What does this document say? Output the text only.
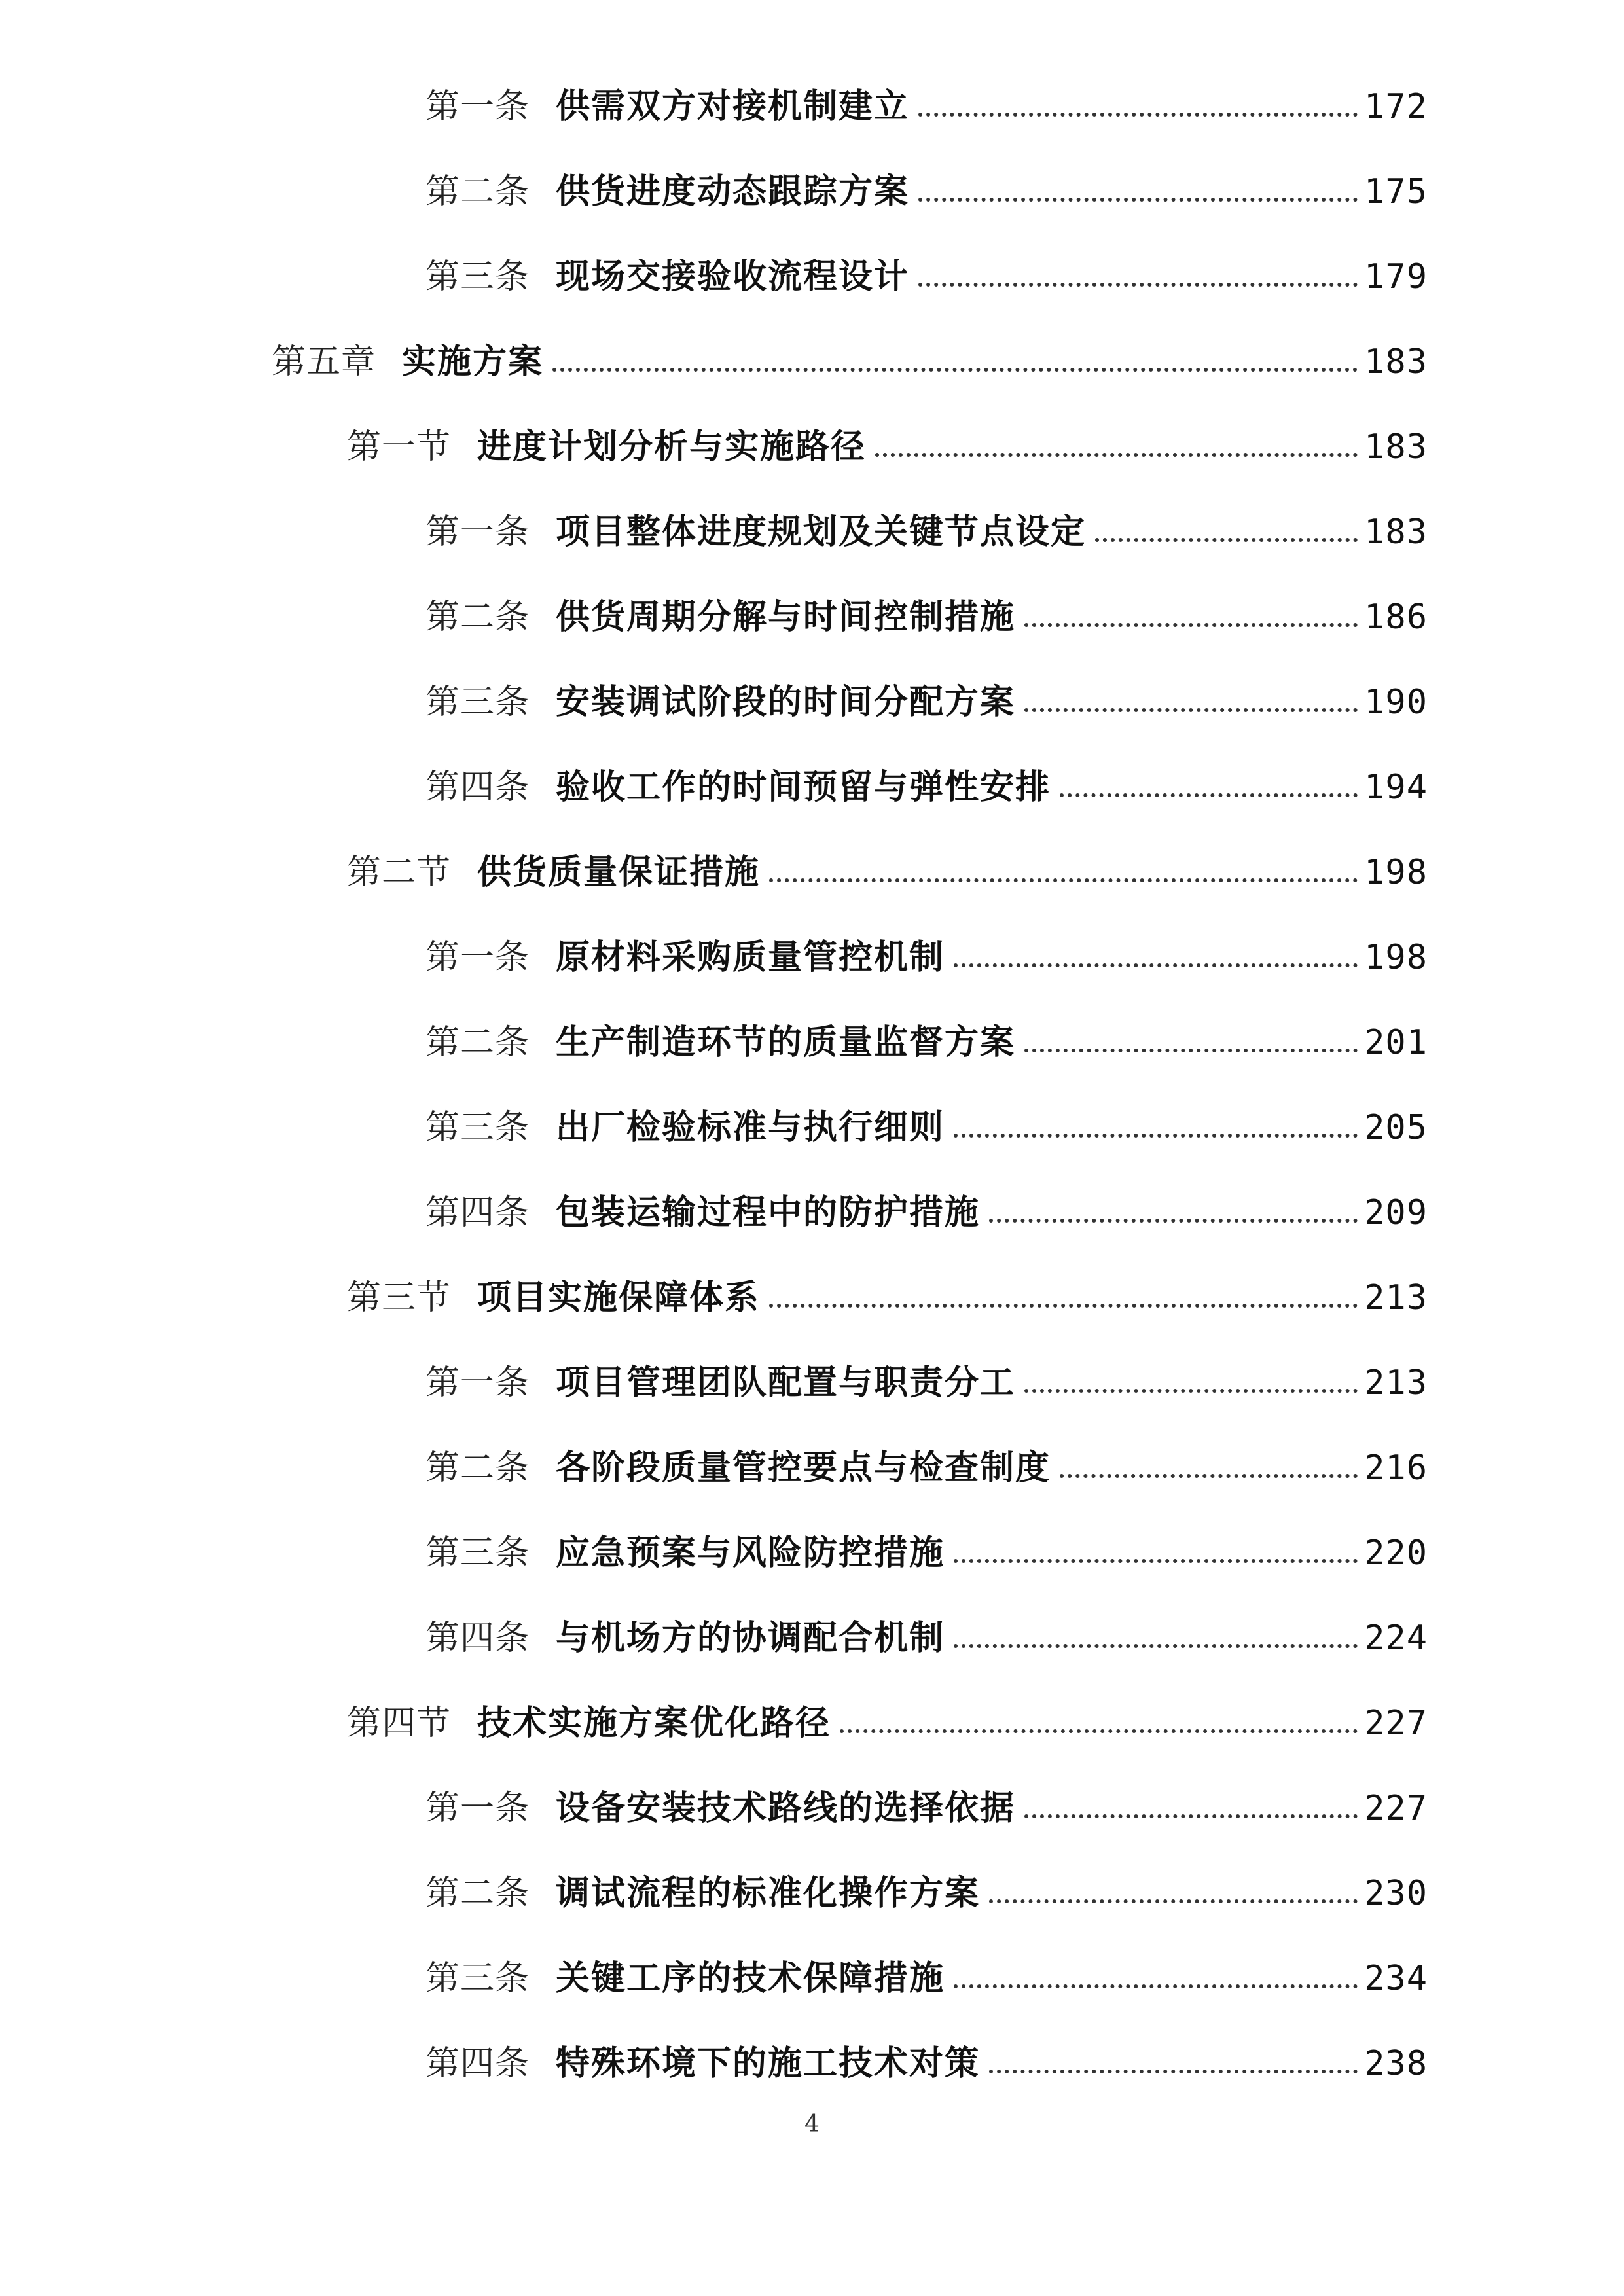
第一条 供需双方对接机制建立	172
第二条 供货进度动态跟踪方案	175
第三条 现场交接验收流程设计	179
第五章 实施方案	183
第一节 进度计划分析与实施路径	183
第一条 项目整体进度规划及关键节点设定	183
第二条 供货周期分解与时间控制措施	186
第三条 安装调试阶段的时间分配方案	190
第四条 验收工作的时间预留与弹性安排	194
第二节 供货质量保证措施	198
第一条 原材料采购质量管控机制	198
第二条 生产制造环节的质量监督方案	201
第三条 出厂检验标准与执行细则	205
第四条 包装运输过程中的防护措施	209
第三节 项目实施保障体系	213
第一条 项目管理团队配置与职责分工	213
第二条 各阶段质量管控要点与检查制度	216
第三条 应急预案与风险防控措施	220
第四条 与机场方的协调配合机制	224
第四节 技术实施方案优化路径	227
第一条 设备安装技术路线的选择依据	227
第二条 调试流程的标准化操作方案	230
第三条 关键工序的技术保障措施	234
第四条 特殊环境下的施工技术对策	238
4
